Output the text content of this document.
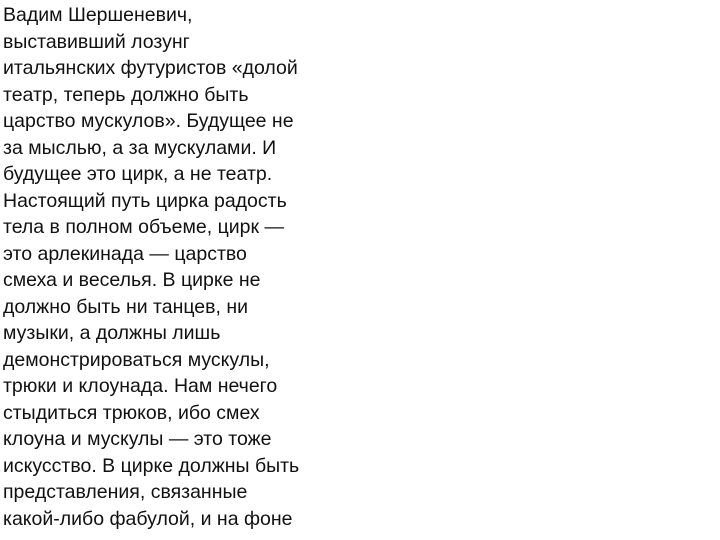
Вадим Шершеневич,
выставивший лозунг
итальянских футуристов «долой
театр, теперь должно быть
царство мускулов». Будущее не
за мыслью, а за мускулами. И
будущее это цирк, а не театр.
Настоящий путь цирка радость
тела в полном объеме, цирк —
это арлекинада — царство
смеха и веселья. В цирке не
должно быть ни танцев, ни
музыки, а должны лишь
демонстрироваться мускулы,
трюки и клоунада. Нам нечего
стыдиться трюков, ибо смех
клоуна и мускулы — это тоже
искусство. В цирке должны быть
представления, связанные
какой-либо фабулой, и на фоне
